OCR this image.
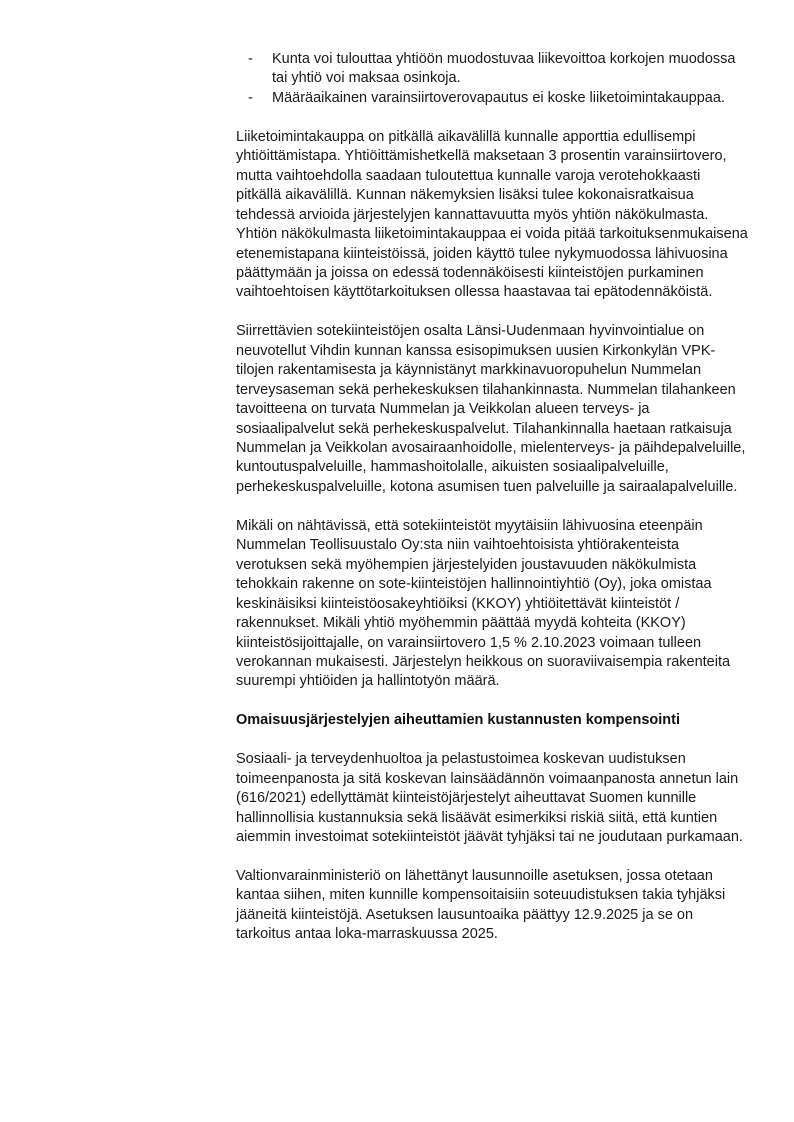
-	Kunta voi tulouttaa yhtiöön muodostuvaa liikevoittoa korkojen muodossa tai yhtiö voi maksaa osinkoja.
-	Määräaikainen varainsiirtoverovapautus ei koske liiketoimintakauppaa.

Liiketoimintakauppa on pitkällä aikavälillä kunnalle apporttia edullisempi yhtiöittämistapa. Yhtiöittämishetkellä maksetaan 3 prosentin varainsiirtovero, mutta vaihtoehdolla saadaan tuloutettua kunnalle varoja verotehokkaasti pitkällä aikavälillä. Kunnan näkemyksien lisäksi tulee kokonaisratkaisua tehdessä arvioida järjestelyjen kannattavuutta myös yhtiön näkökulmasta. Yhtiön näkökulmasta liiketoimintakauppaa ei voida pitää tarkoituksenmukaisena etenemistapana kiinteistöissä, joiden käyttö tulee nykymuodossa lähivuosina päättymään ja joissa on edessä todennäköisesti kiinteistöjen purkaminen vaihtoehtoisen käyttötarkoituksen ollessa haastavaa tai epätodennäköistä.

Siirrettävien sotekiinteistöjen osalta Länsi-Uudenmaan hyvinvointialue on neuvotellut Vihdin kunnan kanssa esisopimuksen uusien Kirkonkylän VPK-tilojen rakentamisesta ja käynnistänyt markkinavuoropuhelun Nummelan terveysaseman sekä perhekeskuksen tilahankinnasta. Nummelan tilahankeen tavoitteena on turvata Nummelan ja Veikkolan alueen terveys- ja sosiaalipalvelut sekä perhekeskuspalvelut. Tilahankinnalla haetaan ratkaisuja Nummelan ja Veikkolan avosairaanhoidolle, mielenterveys- ja päihdepalveluille, kuntoutuspalveluille, hammashoitolalle, aikuisten sosiaalipalveluille, perhekeskuspalveluille, kotona asumisen tuen palveluille ja sairaalapalveluille.

Mikäli on nähtävissä, että sotekiinteistöt myytäisiin lähivuosina eteenpäin Nummelan Teollisuustalo Oy:sta niin vaihtoehtoisista yhtiörakenteista verotuksen sekä myöhempien järjestelyiden joustavuuden näkökulmista tehokkain rakenne on sote-kiinteistöjen hallinnointiyhtiö (Oy), joka omistaa keskinäisiksi kiinteistöosakeyhtiöiksi (KKOY) yhtiöitettävät kiinteistöt / rakennukset. Mikäli yhtiö myöhemmin päättää myydä kohteita (KKOY) kiinteistösijoittajalle, on varainsiirtovero 1,5 % 2.10.2023 voimaan tulleen verokannan mukaisesti. Järjestelyn heikkous on suoraviivaisempia rakenteita suurempi yhtiöiden ja hallintotyön määrä.

Omaisuusjärjestelyjen aiheuttamien kustannusten kompensointi

Sosiaali- ja terveydenhuoltoa ja pelastustoimea koskevan uudistuksen toimeenpanosta ja sitä koskevan lainsäädännön voimaanpanosta annetun lain (616/2021) edellyttämät kiinteistöjärjestelyt aiheuttavat Suomen kunnille hallinnollisia kustannuksia sekä lisäävät esimerkiksi riskiä siitä, että kuntien aiemmin investoimat sotekiinteistöt jäävät tyhjäksi tai ne joudutaan purkamaan.

Valtionvarainministeriö on lähettänyt lausunnoille asetuksen, jossa otetaan kantaa siihen, miten kunnille kompensoitaisiin soteuudistuksen takia tyhjäksi jääneitä kiinteistöjä. Asetuksen lausuntoaika päättyy 12.9.2025 ja se on tarkoitus antaa loka-marraskuussa 2025.
